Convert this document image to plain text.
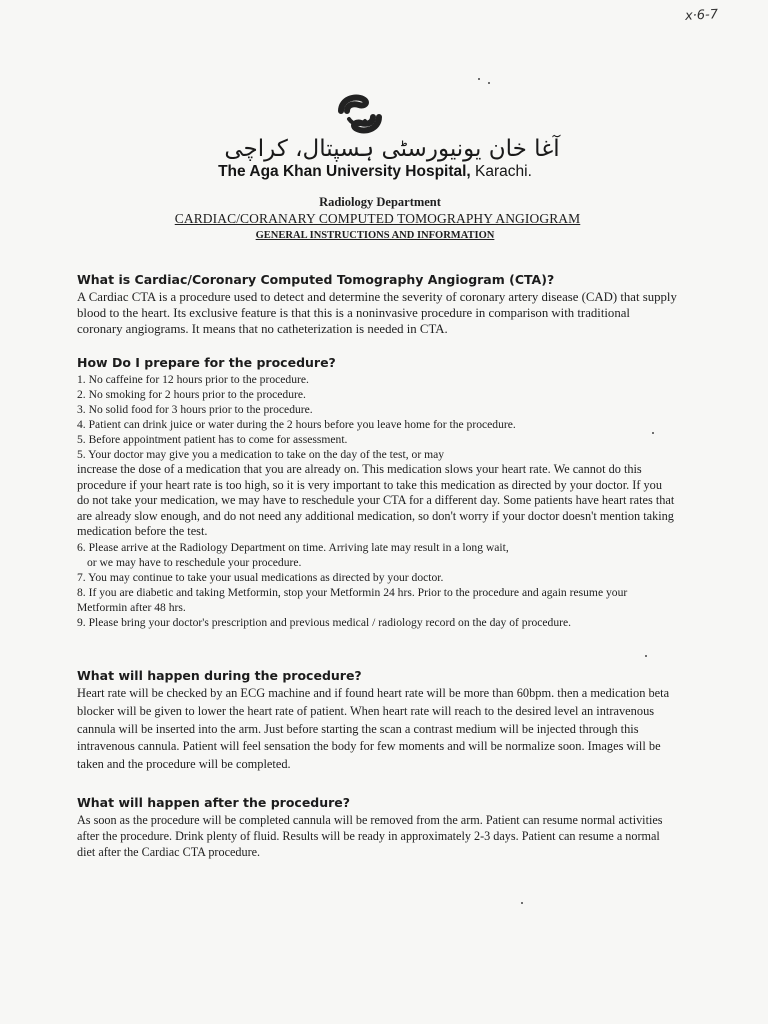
x·6-7
آغا خان یونیورسٹی ہسپتال، کراچی
The Aga Khan University Hospital, Karachi.
Radiology Department
CARDIAC/CORANARY COMPUTED TOMOGRAPHY ANGIOGRAM
GENERAL INSTRUCTIONS AND INFORMATION
What is Cardiac/Coronary Computed Tomography Angiogram (CTA)?

A Cardiac CTA is a procedure used to detect and determine the severity of coronary artery disease (CAD) that supply blood to the heart. Its exclusive feature is that this is a noninvasive procedure in comparison with traditional coronary angiograms. It means that no catheterization is needed in CTA.

How Do I prepare for the procedure?
1. No caffeine for 12 hours prior to the procedure.
2. No smoking for 2 hours prior to the procedure.
3. No solid food for 3 hours prior to the procedure.
4. Patient can drink juice or water during the 2 hours before you leave home for the procedure.
5. Before appointment patient has to come for assessment.
5. Your doctor may give you a medication to take on the day of the test, or may
increase the dose of a medication that you are already on. This medication slows your heart rate. We cannot do this procedure if your heart rate is too high, so it is very important to take this medication as directed by your doctor. If you do not take your medication, we may have to reschedule your CTA for a different day. Some patients have heart rates that are already slow enough, and do not need any additional medication, so don't worry if your doctor doesn't mention taking medication before the test.
6. Please arrive at the Radiology Department on time. Arriving late may result in a long wait,
or we may have to reschedule your procedure.
7. You may continue to take your usual medications as directed by your doctor.
8. If you are diabetic and taking Metformin, stop your Metformin 24 hrs. Prior to the procedure and again resume your Metformin after 48 hrs.
9. Please bring your doctor's prescription and previous medical / radiology record on the day of procedure.
What will happen during the procedure?

Heart rate will be checked by an ECG machine and if found heart rate will be more than 60bpm. then a medication beta blocker will be given to lower the heart rate of patient. When heart rate will reach to the desired level an intravenous cannula will be inserted into the arm. Just before starting the scan a contrast medium will be injected through this intravenous cannula. Patient will feel sensation the body for few moments and will be normalize soon. Images will be taken and the procedure will be completed.

What will happen after the procedure?

As soon as the procedure will be completed cannula will be removed from the arm. Patient can resume normal activities after the procedure. Drink plenty of fluid. Results will be ready in approximately 2-3 days. Patient can resume a normal diet after the Cardiac CTA procedure.
